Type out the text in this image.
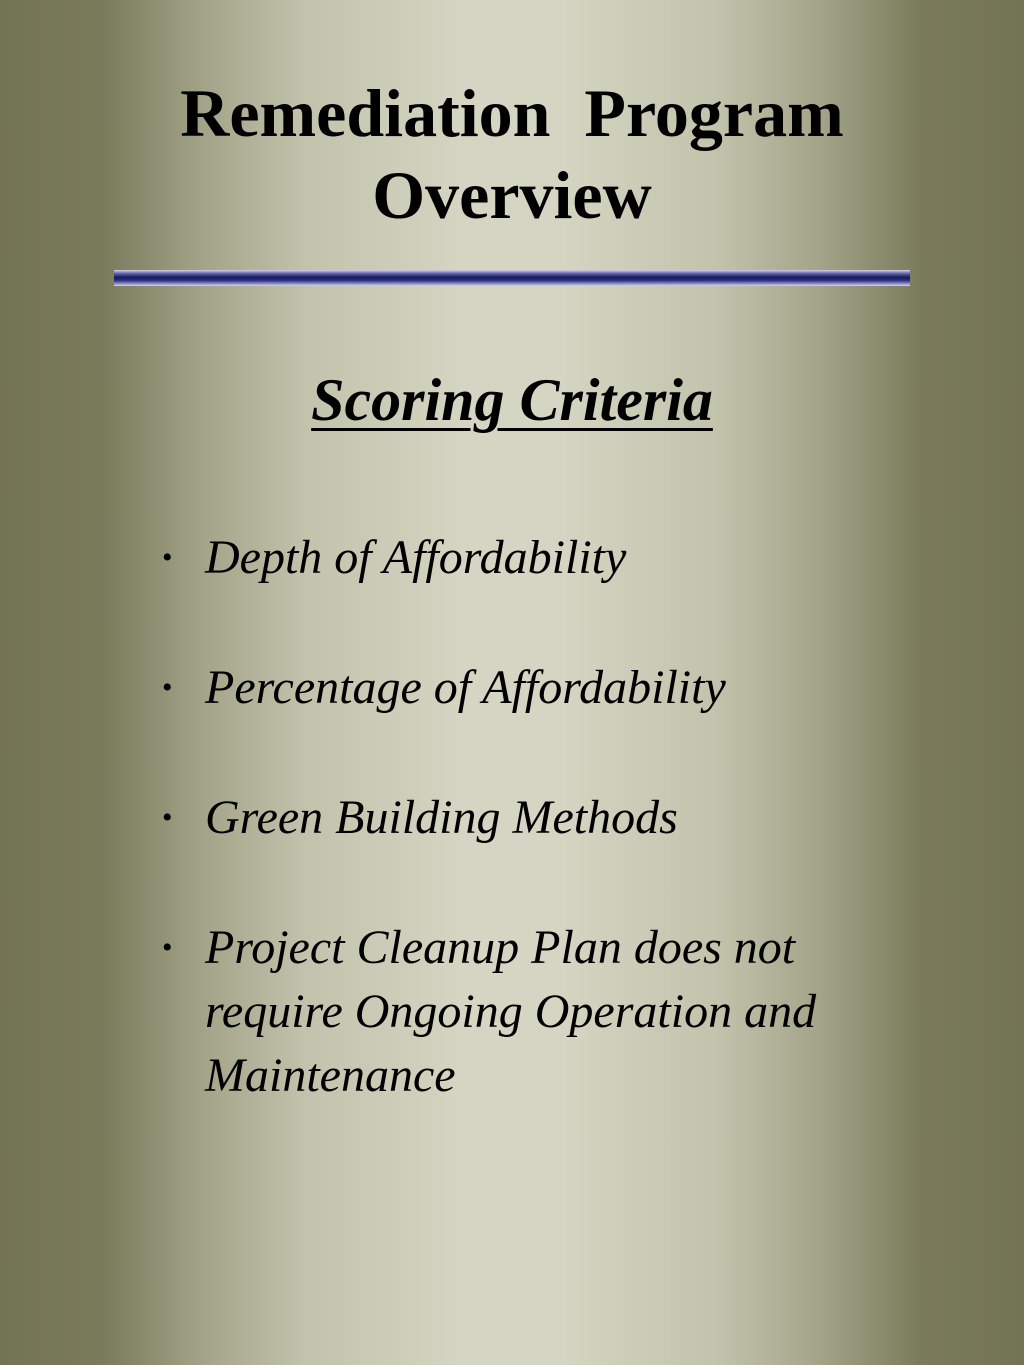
Remediation  Program
Overview
Scoring Criteria
• Depth of Affordability
• Percentage of Affordability
• Green Building Methods
• Project Cleanup Plan does not require Ongoing Operation and Maintenance
